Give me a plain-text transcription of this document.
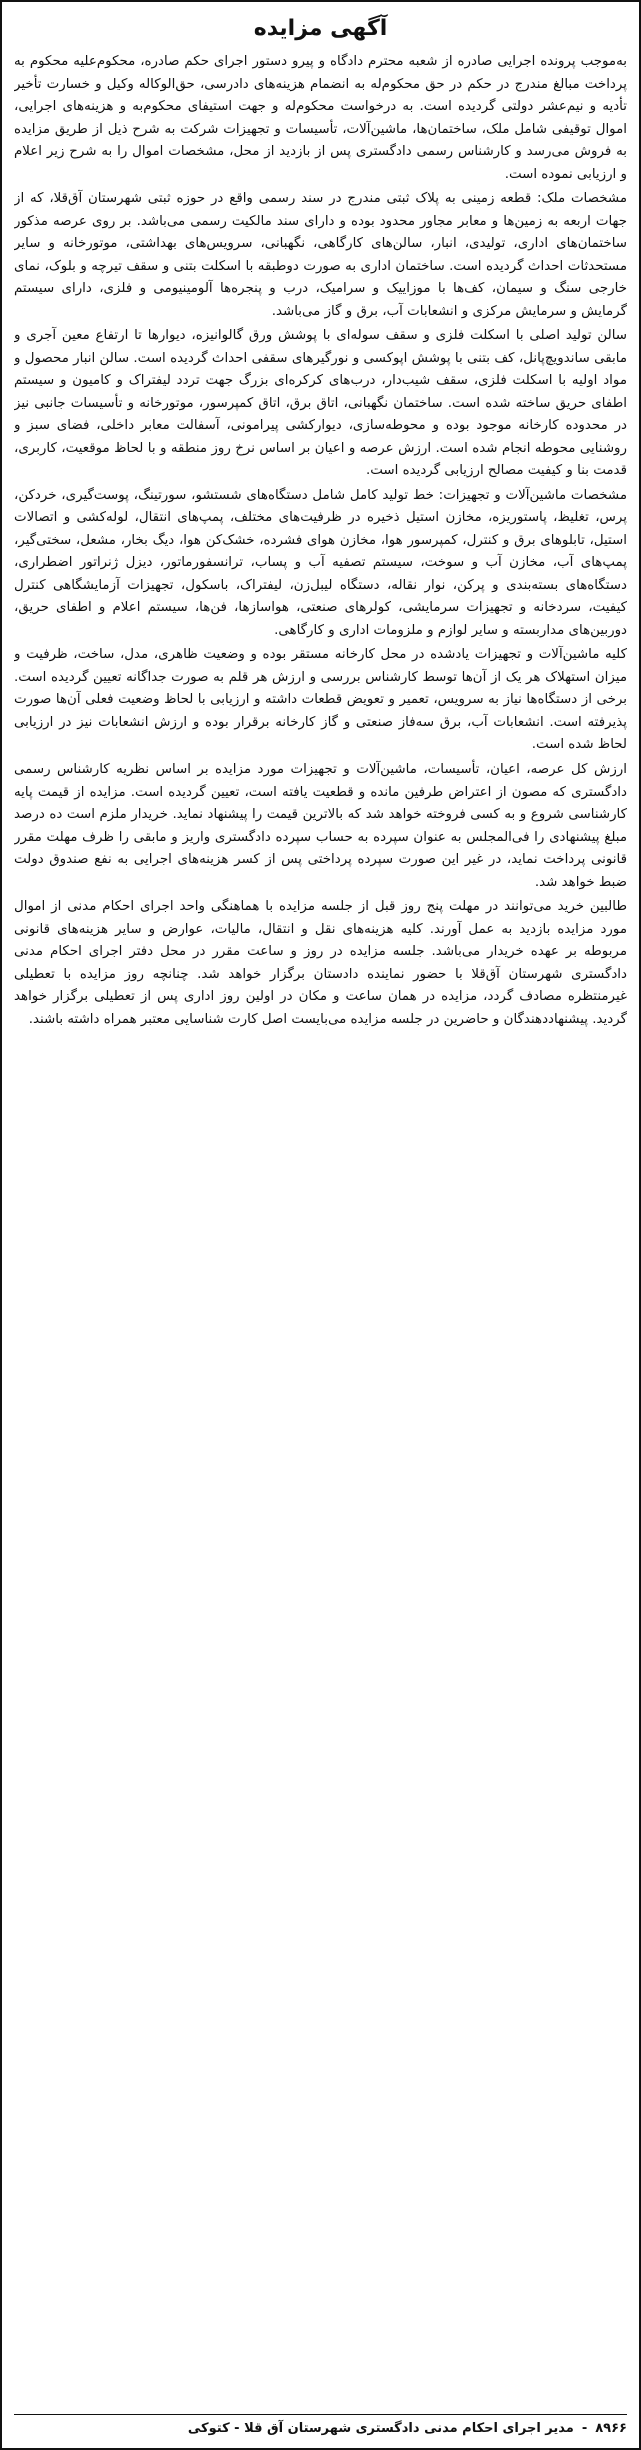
آگهی مزایده

به‌موجب پرونده اجرایی صادره از شعبه محترم دادگاه و پیرو دستور اجرای حکم صادره، محکوم‌علیه محکوم به پرداخت مبالغ مندرج در حکم در حق محکوم‌له به انضمام هزینه‌های دادرسی، حق‌الوکاله وکیل و خسارت تأخیر تأدیه و نیم‌عشر دولتی گردیده است. به درخواست محکوم‌له و جهت استیفای محکوم‌به و هزینه‌های اجرایی، اموال توقیفی شامل ملک، ساختمان‌ها، ماشین‌آلات، تأسیسات و تجهیزات شرکت به شرح ذیل از طریق مزایده به فروش می‌رسد و کارشناس رسمی دادگستری پس از بازدید از محل، مشخصات اموال را به شرح زیر اعلام و ارزیابی نموده است.

مشخصات ملک: قطعه زمینی به پلاک ثبتی مندرج در سند رسمی واقع در حوزه ثبتی شهرستان آق‌قلا، که از جهات اربعه به زمین‌ها و معابر مجاور محدود بوده و دارای سند مالکیت رسمی می‌باشد. بر روی عرصه مذکور ساختمان‌های اداری، تولیدی، انبار، سالن‌های کارگاهی، نگهبانی، سرویس‌های بهداشتی، موتورخانه و سایر مستحدثات احداث گردیده است. ساختمان اداری به صورت دوطبقه با اسکلت بتنی و سقف تیرچه و بلوک، نمای خارجی سنگ و سیمان، کف‌ها با موزاییک و سرامیک، درب و پنجره‌ها آلومینیومی و فلزی، دارای سیستم گرمایش و سرمایش مرکزی و انشعابات آب، برق و گاز می‌باشد.

سالن تولید اصلی با اسکلت فلزی و سقف سوله‌ای با پوشش ورق گالوانیزه، دیوارها تا ارتفاع معین آجری و مابقی ساندویچ‌پانل، کف بتنی با پوشش اپوکسی و نورگیرهای سقفی احداث گردیده است. سالن انبار محصول و مواد اولیه با اسکلت فلزی، سقف شیب‌دار، درب‌های کرکره‌ای بزرگ جهت تردد لیفتراک و کامیون و سیستم اطفای حریق ساخته شده است. ساختمان نگهبانی، اتاق برق، اتاق کمپرسور، موتورخانه و تأسیسات جانبی نیز در محدوده کارخانه موجود بوده و محوطه‌سازی، دیوارکشی پیرامونی، آسفالت معابر داخلی، فضای سبز و روشنایی محوطه انجام شده است. ارزش عرصه و اعیان بر اساس نرخ روز منطقه و با لحاظ موقعیت، کاربری، قدمت بنا و کیفیت مصالح ارزیابی گردیده است.

مشخصات ماشین‌آلات و تجهیزات: خط تولید کامل شامل دستگاه‌های شستشو، سورتینگ، پوست‌گیری، خردکن، پرس، تغلیظ، پاستوریزه، مخازن استیل ذخیره در ظرفیت‌های مختلف، پمپ‌های انتقال، لوله‌کشی و اتصالات استیل، تابلوهای برق و کنترل، کمپرسور هوا، مخازن هوای فشرده، خشک‌کن هوا، دیگ بخار، مشعل، سختی‌گیر، پمپ‌های آب، مخازن آب و سوخت، سیستم تصفیه آب و پساب، ترانسفورماتور، دیزل ژنراتور اضطراری، دستگاه‌های بسته‌بندی و پرکن، نوار نقاله، دستگاه لیبل‌زن، لیفتراک، باسکول، تجهیزات آزمایشگاهی کنترل کیفیت، سردخانه و تجهیزات سرمایشی، کولرهای صنعتی، هواسازها، فن‌ها، سیستم اعلام و اطفای حریق، دوربین‌های مداربسته و سایر لوازم و ملزومات اداری و کارگاهی.

کلیه ماشین‌آلات و تجهیزات یادشده در محل کارخانه مستقر بوده و وضعیت ظاهری، مدل، ساخت، ظرفیت و میزان استهلاک هر یک از آن‌ها توسط کارشناس بررسی و ارزش هر قلم به صورت جداگانه تعیین گردیده است. برخی از دستگاه‌ها نیاز به سرویس، تعمیر و تعویض قطعات داشته و ارزیابی با لحاظ وضعیت فعلی آن‌ها صورت پذیرفته است. انشعابات آب، برق سه‌فاز صنعتی و گاز کارخانه برقرار بوده و ارزش انشعابات نیز در ارزیابی لحاظ شده است.

ارزش کل عرصه، اعیان، تأسیسات، ماشین‌آلات و تجهیزات مورد مزایده بر اساس نظریه کارشناس رسمی دادگستری که مصون از اعتراض طرفین مانده و قطعیت یافته است، تعیین گردیده است. مزایده از قیمت پایه کارشناسی شروع و به کسی فروخته خواهد شد که بالاترین قیمت را پیشنهاد نماید. خریدار ملزم است ده درصد مبلغ پیشنهادی را فی‌المجلس به عنوان سپرده به حساب سپرده دادگستری واریز و مابقی را ظرف مهلت مقرر قانونی پرداخت نماید، در غیر این صورت سپرده پرداختی پس از کسر هزینه‌های اجرایی به نفع صندوق دولت ضبط خواهد شد.

طالبین خرید می‌توانند در مهلت پنج روز قبل از جلسه مزایده با هماهنگی واحد اجرای احکام مدنی از اموال مورد مزایده بازدید به عمل آورند. کلیه هزینه‌های نقل و انتقال، مالیات، عوارض و سایر هزینه‌های قانونی مربوطه بر عهده خریدار می‌باشد. جلسه مزایده در روز و ساعت مقرر در محل دفتر اجرای احکام مدنی دادگستری شهرستان آق‌قلا با حضور نماینده دادستان برگزار خواهد شد. چنانچه روز مزایده با تعطیلی غیرمنتظره مصادف گردد، مزایده در همان ساعت و مکان در اولین روز اداری پس از تعطیلی برگزار خواهد گردید. پیشنهاددهندگان و حاضرین در جلسه مزایده می‌بایست اصل کارت شناسایی معتبر همراه داشته باشند.

۸۹۶۶
-
مدیر اجرای احکام مدنی دادگستری شهرستان آق قلا - کتوکی
